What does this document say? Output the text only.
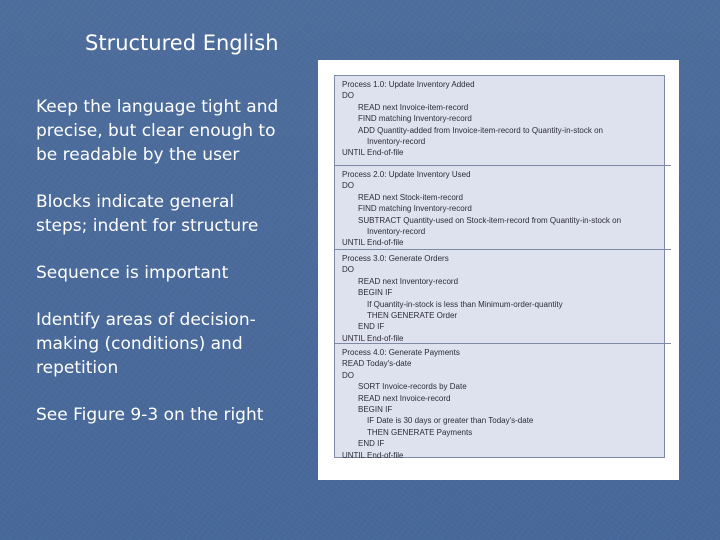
Structured English

Keep the language tight and precise, but clear enough to be readable by the user

Blocks indicate general steps; indent for structure

Sequence is important

Identify areas of decision-making (conditions) and repetition

See Figure 9-3 on the right

Process 1.0: Update Inventory Added
DO
READ next Invoice-item-record
FIND matching Inventory-record
ADD Quantity-added from Invoice-item-record to Quantity-in-stock on
Inventory-record
UNTIL End-of-file
Process 2.0: Update Inventory Used
DO
READ next Stock-item-record
FIND matching Inventory-record
SUBTRACT Quantity-used on Stock-item-record from Quantity-in-stock on
Inventory-record
UNTIL End-of-file
Process 3.0: Generate Orders
DO
READ next Inventory-record
BEGIN IF
If Quantity-in-stock is less than Minimum-order-quantity
THEN GENERATE Order
END IF
UNTIL End-of-file
Process 4.0: Generate Payments
READ Today's-date
DO
SORT Invoice-records by Date
READ next Invoice-record
BEGIN IF
IF Date is 30 days or greater than Today's-date
THEN GENERATE Payments
END IF
UNTIL End-of-file
